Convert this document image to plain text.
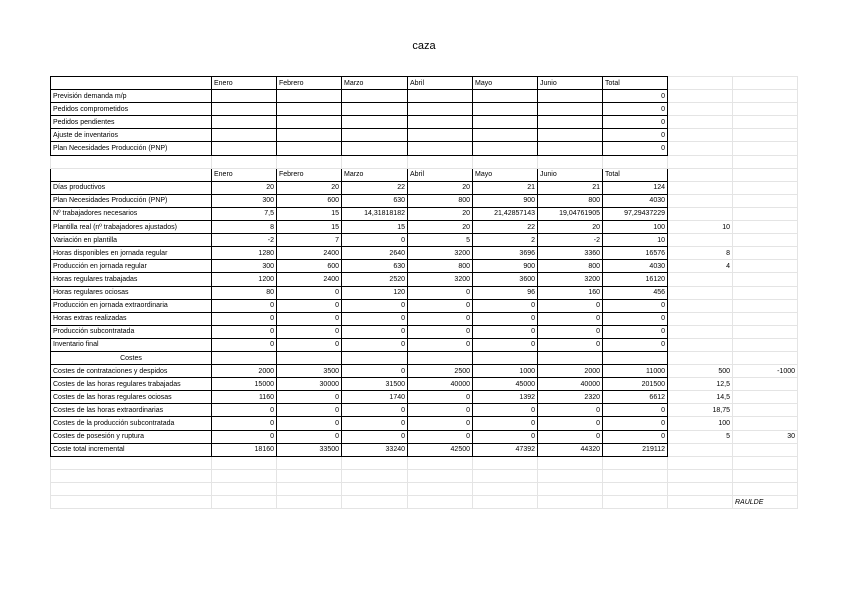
caza
	Enero	Febrero	Marzo	Abril	Mayo	Junio	Total		
Previsión demanda m/p							0		
Pedidos comprometidos							0		
Pedidos pendientes							0		
Ajuste de inventarios							0		
Plan Necesidades Producción (PNP)							0		

	Enero	Febrero	Marzo	Abril	Mayo	Junio	Total		
Días productivos	20	20	22	20	21	21	124		
Plan Necesidades Producción (PNP)	300	600	630	800	900	800	4030		
Nº trabajadores necesarios	7,5	15	14,31818182	20	21,42857143	19,04761905	97,29437229		
Plantilla real (nº trabajadores ajustados)	8	15	15	20	22	20	100	10	
Variación en plantilla	-2	7	0	5	2	-2	10		
Horas disponibles en jornada regular	1280	2400	2640	3200	3696	3360	16576	8	
Producción en jornada regular	300	600	630	800	900	800	4030	4	
Horas regulares trabajadas	1200	2400	2520	3200	3600	3200	16120		
Horas regulares ociosas	80	0	120	0	96	160	456		
Producción en jornada extraordinaria	0	0	0	0	0	0	0		
Horas extras realizadas	0	0	0	0	0	0	0		
Producción subcontratada	0	0	0	0	0	0	0		
Inventario final	0	0	0	0	0	0	0		
Costes									
Costes de contrataciones y despidos	2000	3500	0	2500	1000	2000	11000	500	-1000
Costes de las horas regulares trabajadas	15000	30000	31500	40000	45000	40000	201500	12,5	
Costes de las horas regulares ociosas	1160	0	1740	0	1392	2320	6612	14,5	
Costes de las horas extraordinarias	0	0	0	0	0	0	0	18,75	
Costes de la producción subcontratada	0	0	0	0	0	0	0	100	
Costes de posesión y ruptura	0	0	0	0	0	0	0	5	30
Coste total incremental	18160	33500	33240	42500	47392	44320	219112		

									RAULDE
